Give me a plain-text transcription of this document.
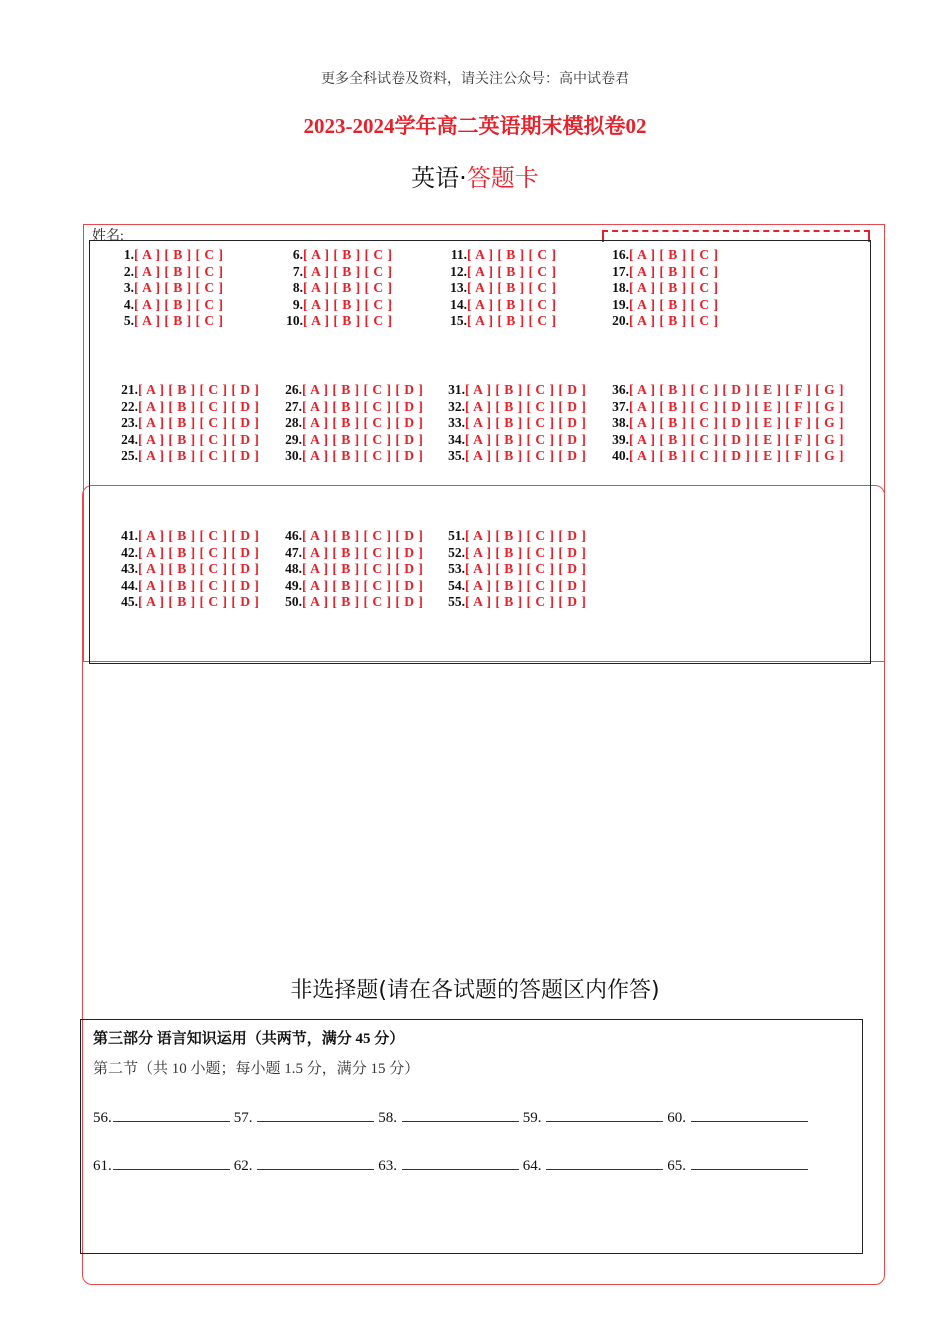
更多全科试卷及资料，请关注公众号：高中试卷君
2023-2024学年高二英语期末模拟卷02
英语·答题卡
姓名:
1. [ A ] [ B ] [ C ]
2. [ A ] [ B ] [ C ]
3. [ A ] [ B ] [ C ]
4. [ A ] [ B ] [ C ]
5. [ A ] [ B ] [ C ]
6. [ A ] [ B ] [ C ]
7. [ A ] [ B ] [ C ]
8. [ A ] [ B ] [ C ]
9. [ A ] [ B ] [ C ]
10. [ A ] [ B ] [ C ]
11. [ A ] [ B ] [ C ]
12. [ A ] [ B ] [ C ]
13. [ A ] [ B ] [ C ]
14. [ A ] [ B ] [ C ]
15. [ A ] [ B ] [ C ]
16. [ A ] [ B ] [ C ]
17. [ A ] [ B ] [ C ]
18. [ A ] [ B ] [ C ]
19. [ A ] [ B ] [ C ]
20. [ A ] [ B ] [ C ]
21. [ A ] [ B ] [ C ] [ D ]
22. [ A ] [ B ] [ C ] [ D ]
23. [ A ] [ B ] [ C ] [ D ]
24. [ A ] [ B ] [ C ] [ D ]
25. [ A ] [ B ] [ C ] [ D ]
26. [ A ] [ B ] [ C ] [ D ]
27. [ A ] [ B ] [ C ] [ D ]
28. [ A ] [ B ] [ C ] [ D ]
29. [ A ] [ B ] [ C ] [ D ]
30. [ A ] [ B ] [ C ] [ D ]
31. [ A ] [ B ] [ C ] [ D ]
32. [ A ] [ B ] [ C ] [ D ]
33. [ A ] [ B ] [ C ] [ D ]
34. [ A ] [ B ] [ C ] [ D ]
35. [ A ] [ B ] [ C ] [ D ]
36. [ A ] [ B ] [ C ] [ D ] [ E ] [ F ] [ G ]
37. [ A ] [ B ] [ C ] [ D ] [ E ] [ F ] [ G ]
38. [ A ] [ B ] [ C ] [ D ] [ E ] [ F ] [ G ]
39. [ A ] [ B ] [ C ] [ D ] [ E ] [ F ] [ G ]
40. [ A ] [ B ] [ C ] [ D ] [ E ] [ F ] [ G ]
41. [ A ] [ B ] [ C ] [ D ]
42. [ A ] [ B ] [ C ] [ D ]
43. [ A ] [ B ] [ C ] [ D ]
44. [ A ] [ B ] [ C ] [ D ]
45. [ A ] [ B ] [ C ] [ D ]
46. [ A ] [ B ] [ C ] [ D ]
47. [ A ] [ B ] [ C ] [ D ]
48. [ A ] [ B ] [ C ] [ D ]
49. [ A ] [ B ] [ C ] [ D ]
50. [ A ] [ B ] [ C ] [ D ]
51. [ A ] [ B ] [ C ] [ D ]
52. [ A ] [ B ] [ C ] [ D ]
53. [ A ] [ B ] [ C ] [ D ]
54. [ A ] [ B ] [ C ] [ D ]
55. [ A ] [ B ] [ C ] [ D ]
非选择题(请在各试题的答题区内作答)
第三部分 语言知识运用（共两节，满分 45 分）
第二节（共 10 小题；每小题 1.5 分，满分 15 分）
56.	57.	58.	59.	60.
61.	62.	63.	64.	65.
